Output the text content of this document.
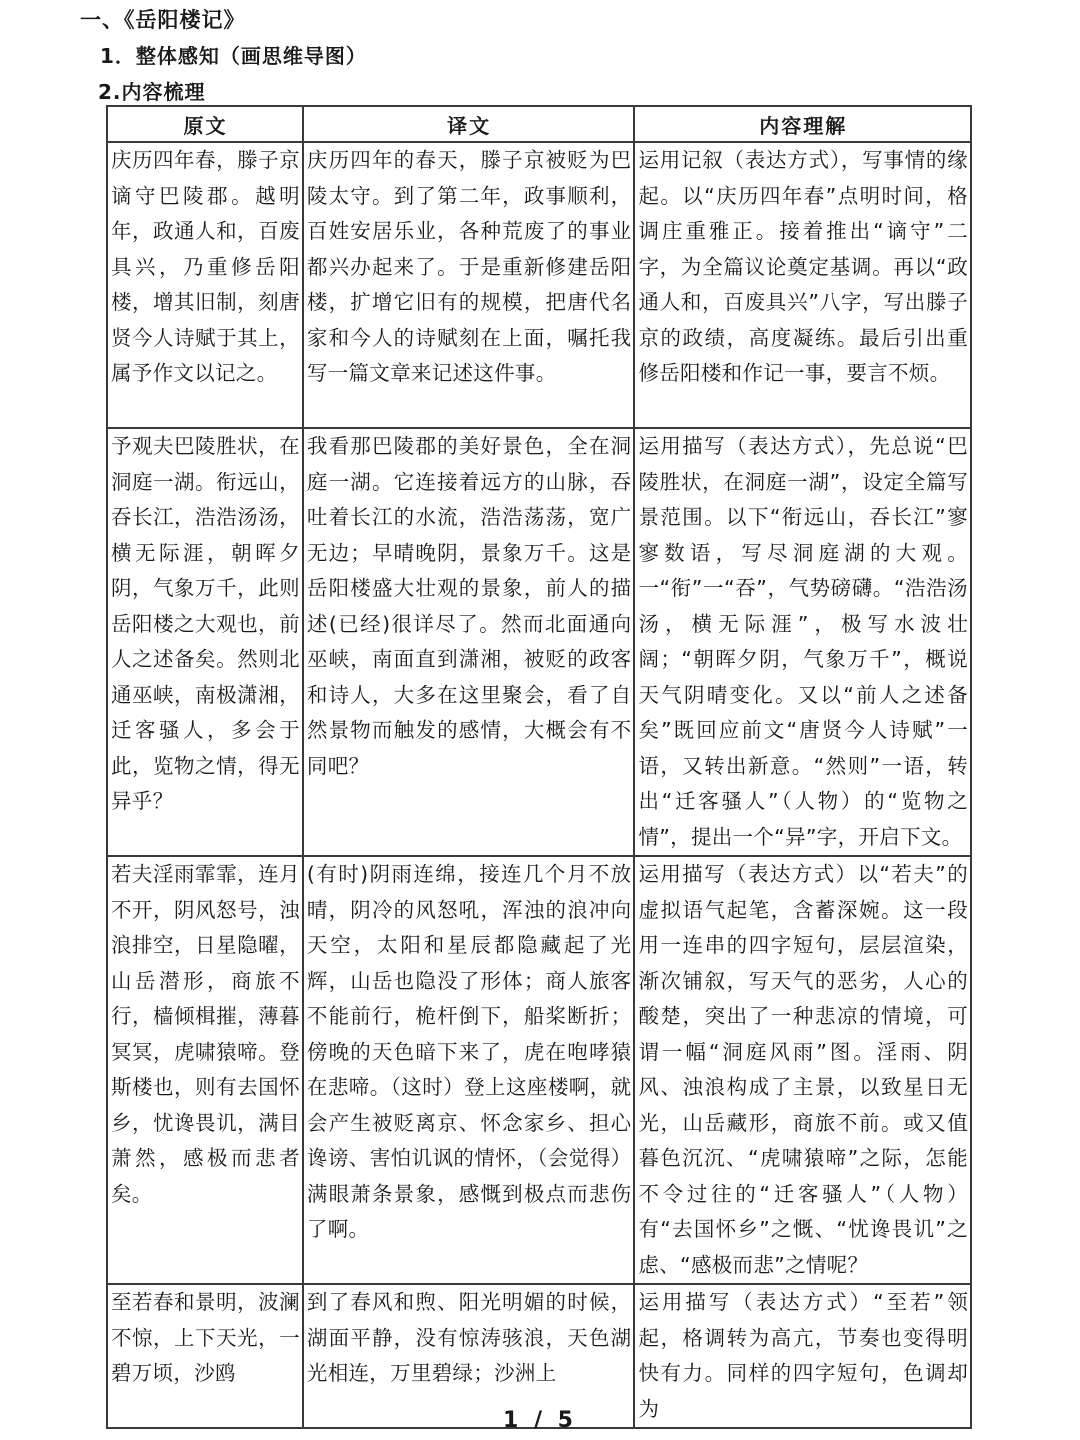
一、《岳阳楼记》
1．整体感知（画思维导图）
2.内容梳理
原文	译文	内容理解
庆历四年春，滕子京谪守巴陵郡。越明年，政通人和，百废具兴，乃重修岳阳楼，增其旧制，刻唐贤今人诗赋于其上，属予作文以记之。	庆历四年的春天，滕子京被贬为巴陵太守。到了第二年，政事顺利，百姓安居乐业，各种荒废了的事业都兴办起来了。于是重新修建岳阳楼，扩增它旧有的规模，把唐代名家和今人的诗赋刻在上面，嘱托我写一篇文章来记述这件事。	运用记叙（表达方式），写事情的缘起。以“庆历四年春”点明时间，格调庄重雅正。接着推出“谪守”二字，为全篇议论奠定基调。再以“政通人和，百废具兴”八字，写出滕子京的政绩，高度凝练。最后引出重修岳阳楼和作记一事，要言不烦。
予观夫巴陵胜状，在洞庭一湖。衔远山，吞长江，浩浩汤汤，横无际涯，朝晖夕阴，气象万千，此则岳阳楼之大观也，前人之述备矣。然则北通巫峡，南极潇湘，迁客骚人，多会于此，览物之情，得无异乎？	我看那巴陵郡的美好景色，全在洞庭一湖。它连接着远方的山脉，吞吐着长江的水流，浩浩荡荡，宽广无边；早晴晚阴，景象万千。这是岳阳楼盛大壮观的景象，前人的描述(已经)很详尽了。然而北面通向巫峡，南面直到潇湘，被贬的政客和诗人，大多在这里聚会，看了自然景物而触发的感情，大概会有不同吧？	运用描写（表达方式），先总说“巴陵胜状，在洞庭一湖”，设定全篇写景范围。以下“衔远山，吞长江”寥寥数语，写尽洞庭湖的大观。一“衔”一“吞”，气势磅礴。“浩浩汤汤，横无际涯”，极写水波壮阔；“朝晖夕阴，气象万千”，概说天气阴晴变化。又以“前人之述备矣”既回应前文“唐贤今人诗赋”一语，又转出新意。“然则”一语，转出“迁客骚人”（人物）的“览物之情”，提出一个“异”字，开启下文。
若夫淫雨霏霏，连月不开，阴风怒号，浊浪排空，日星隐曜，山岳潜形，商旅不行，樯倾楫摧，薄暮冥冥，虎啸猿啼。登斯楼也，则有去国怀乡，忧谗畏讥，满目萧然，感极而悲者矣。	(有时)阴雨连绵，接连几个月不放晴，阴冷的风怒吼，浑浊的浪冲向天空，太阳和星辰都隐藏起了光辉，山岳也隐没了形体；商人旅客不能前行，桅杆倒下，船桨断折；傍晚的天色暗下来了，虎在咆哮猿在悲啼。（这时）登上这座楼啊，就会产生被贬离京、怀念家乡、担心谗谤、害怕讥讽的情怀，（会觉得）满眼萧条景象，感慨到极点而悲伤了啊。	运用描写（表达方式）以“若夫”的虚拟语气起笔，含蓄深婉。这一段用一连串的四字短句，层层渲染，渐次铺叙，写天气的恶劣，人心的酸楚，突出了一种悲凉的情境，可谓一幅“洞庭风雨”图。淫雨、阴风、浊浪构成了主景，以致星日无光，山岳藏形，商旅不前。或又值暮色沉沉、“虎啸猿啼”之际，怎能不令过往的“迁客骚人”（人物）有“去国怀乡”之慨、“忧谗畏讥”之虑、“感极而悲”之情呢？
至若春和景明，波澜不惊，上下天光，一碧万顷，沙鸥	到了春风和煦、阳光明媚的时候，湖面平静，没有惊涛骇浪，天色湖光相连，万里碧绿；沙洲上	运用描写（表达方式）“至若”领起，格调转为高亢，节奏也变得明快有力。同样的四字短句，色调却为
1 / 5
